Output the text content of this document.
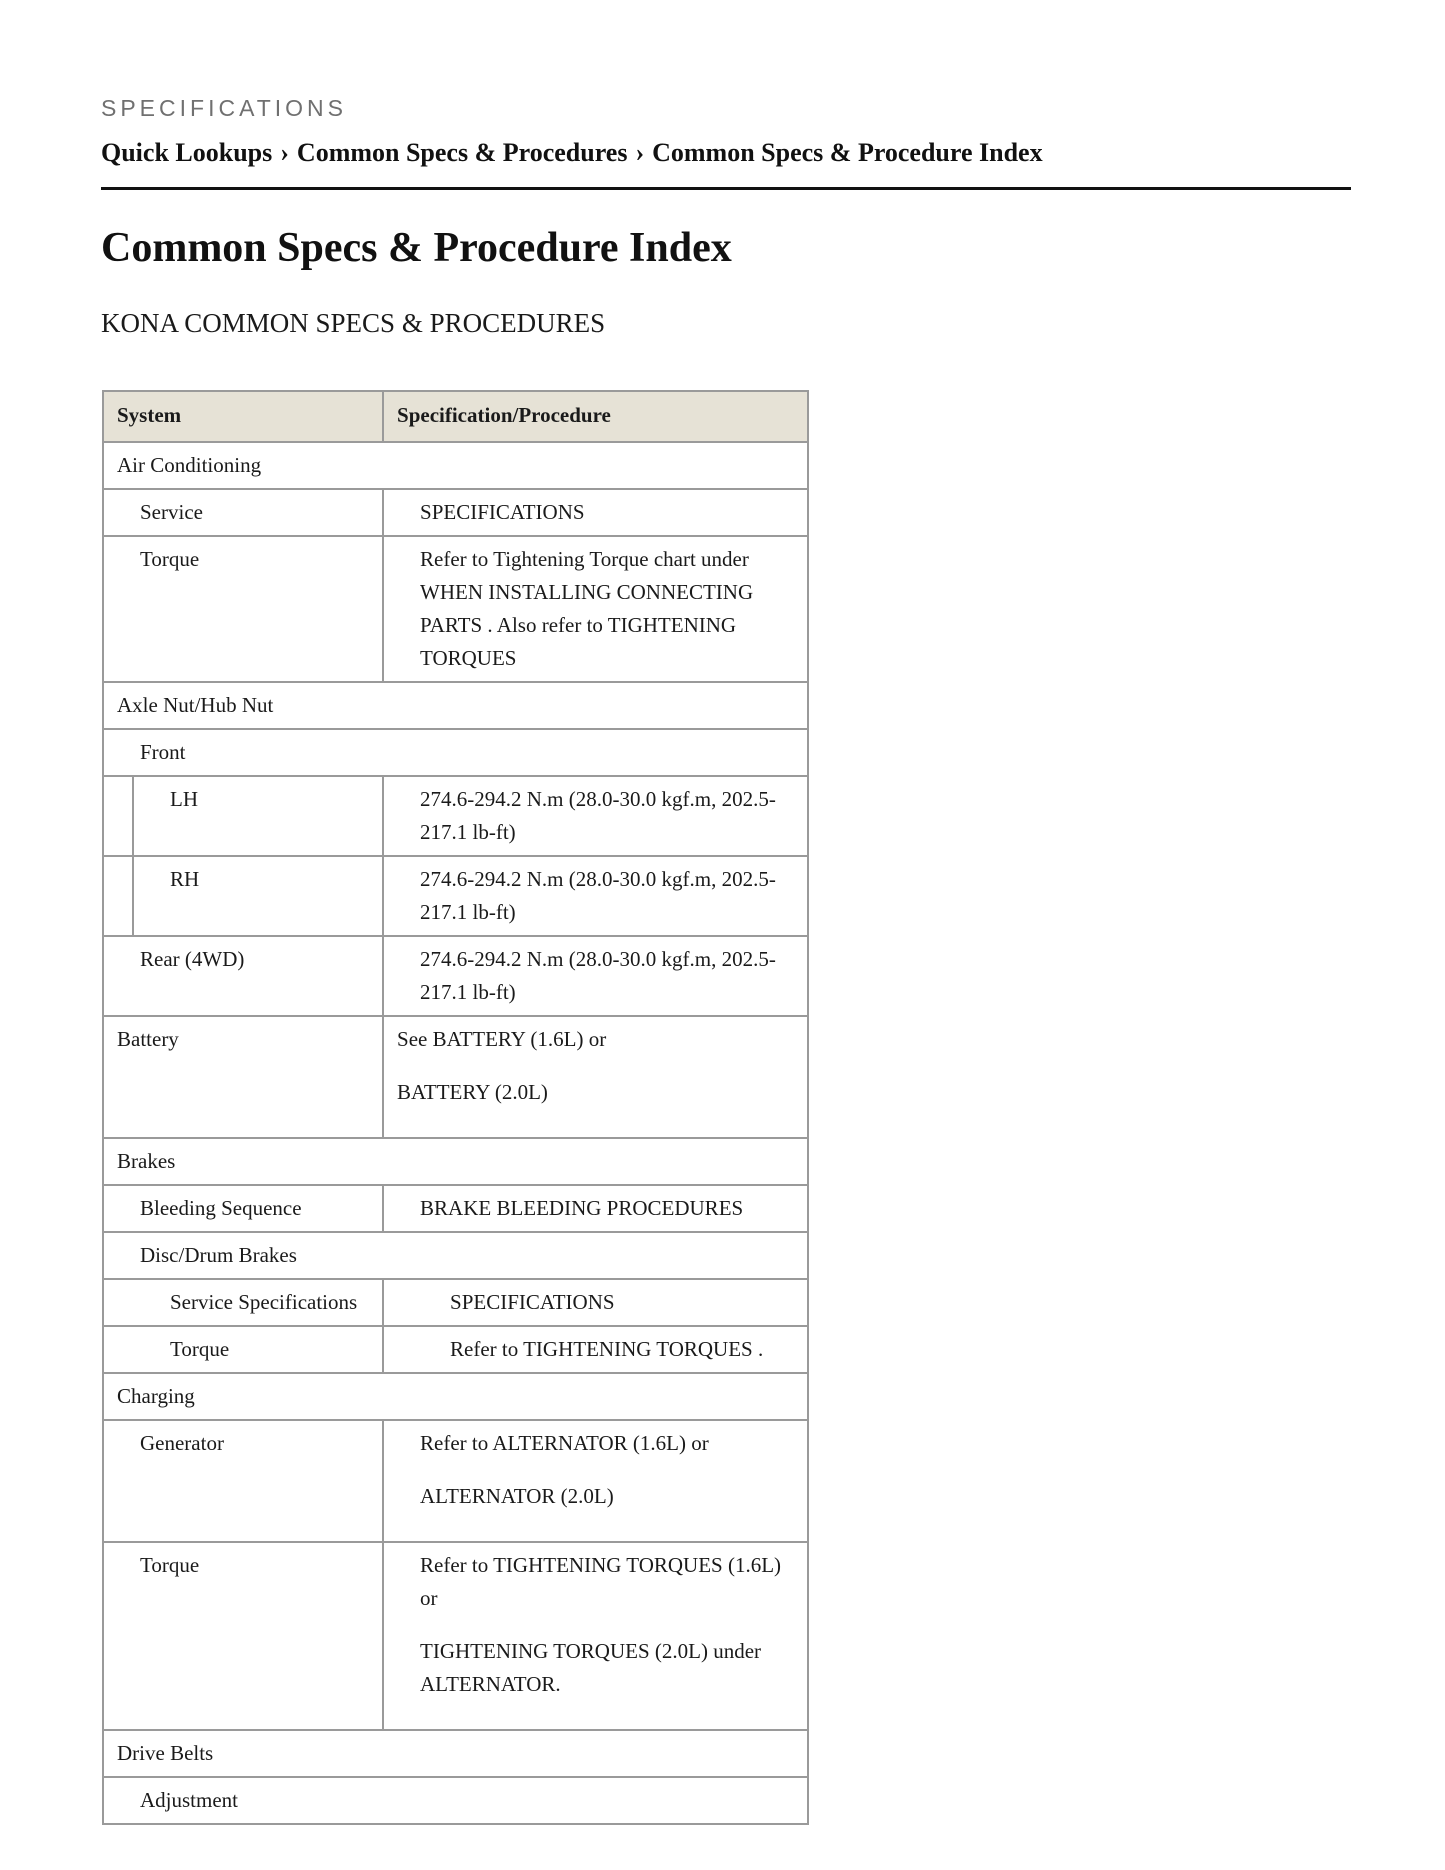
SPECIFICATIONS
Quick Lookups › Common Specs & Procedures › Common Specs & Procedure Index
Common Specs & Procedure Index
KONA COMMON SPECS & PROCEDURES
System		Specification/Procedure
Air Conditioning		
Service		SPECIFICATIONS
Torque		Refer to Tightening Torque chart under WHEN INSTALLING CONNECTING PARTS . Also refer to TIGHTENING TORQUES
Axle Nut/Hub Nut		
Front		
	LH	274.6-294.2 N.m (28.0-30.0 kgf.m, 202.5-217.1 lb-ft)
	RH	274.6-294.2 N.m (28.0-30.0 kgf.m, 202.5-217.1 lb-ft)
Rear (4WD)		274.6-294.2 N.m (28.0-30.0 kgf.m, 202.5-217.1 lb-ft)
Battery		See BATTERY (1.6L) or
BATTERY (2.0L)

Brakes		
Bleeding Sequence		BRAKE BLEEDING PROCEDURES
Disc/Drum Brakes		
Service Specifications		SPECIFICATIONS
Torque		Refer to TIGHTENING TORQUES .
Charging		
Generator		Refer to ALTERNATOR (1.6L) or
ALTERNATOR (2.0L)

Torque		Refer to TIGHTENING TORQUES (1.6L) or
TIGHTENING TORQUES (2.0L) under ALTERNATOR.

Drive Belts		
Adjustment		
